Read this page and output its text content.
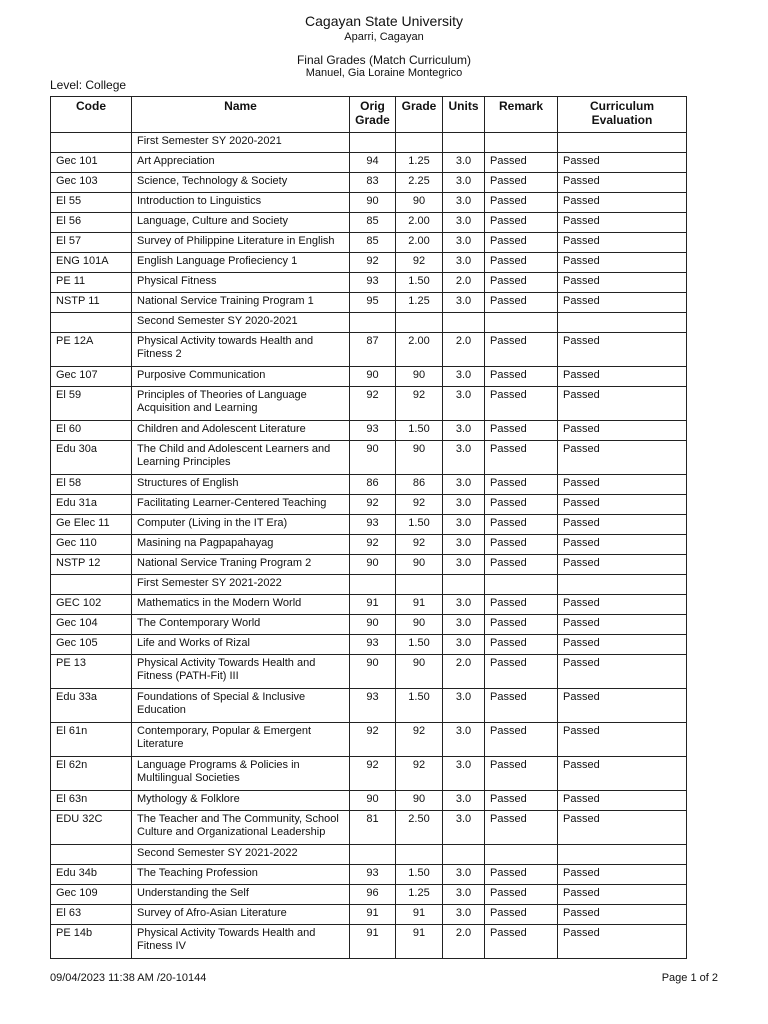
Cagayan State University
Aparri, Cagayan
Final Grades (Match Curriculum)
Manuel, Gia Loraine Montegrico
Level: College
Code	Name	Orig Grade	Grade	Units	Remark	Curriculum Evaluation
	First Semester SY 2020-2021					
Gec 101	Art Appreciation	94	1.25	3.0	Passed	Passed
Gec 103	Science, Technology & Society	83	2.25	3.0	Passed	Passed
El 55	Introduction to Linguistics	90	90	3.0	Passed	Passed
El 56	Language, Culture and Society	85	2.00	3.0	Passed	Passed
El 57	Survey of Philippine Literature in English	85	2.00	3.0	Passed	Passed
ENG 101A	English Language Profieciency 1	92	92	3.0	Passed	Passed
PE 11	Physical Fitness	93	1.50	2.0	Passed	Passed
NSTP 11	National Service Training Program 1	95	1.25	3.0	Passed	Passed
	Second Semester SY 2020-2021					
PE 12A	Physical Activity towards Health and Fitness 2	87	2.00	2.0	Passed	Passed
Gec 107	Purposive Communication	90	90	3.0	Passed	Passed
El 59	Principles of Theories of Language Acquisition and Learning	92	92	3.0	Passed	Passed
El 60	Children and Adolescent Literature	93	1.50	3.0	Passed	Passed
Edu 30a	The Child and Adolescent Learners and Learning Principles	90	90	3.0	Passed	Passed
El 58	Structures of English	86	86	3.0	Passed	Passed
Edu 31a	Facilitating Learner-Centered Teaching	92	92	3.0	Passed	Passed
Ge Elec 11	Computer (Living in the IT Era)	93	1.50	3.0	Passed	Passed
Gec 110	Masining na Pagpapahayag	92	92	3.0	Passed	Passed
NSTP 12	National Service Traning Program 2	90	90	3.0	Passed	Passed
	First Semester SY 2021-2022					
GEC 102	Mathematics in the Modern World	91	91	3.0	Passed	Passed
Gec 104	The Contemporary World	90	90	3.0	Passed	Passed
Gec 105	Life and Works of Rizal	93	1.50	3.0	Passed	Passed
PE 13	Physical Activity Towards Health and Fitness (PATH-Fit) III	90	90	2.0	Passed	Passed
Edu 33a	Foundations of Special & Inclusive Education	93	1.50	3.0	Passed	Passed
El 61n	Contemporary, Popular & Emergent Literature	92	92	3.0	Passed	Passed
El 62n	Language Programs & Policies in Multilingual Societies	92	92	3.0	Passed	Passed
El 63n	Mythology & Folklore	90	90	3.0	Passed	Passed
EDU 32C	The Teacher and The Community, School Culture and Organizational Leadership	81	2.50	3.0	Passed	Passed
	Second Semester SY 2021-2022					
Edu 34b	The Teaching Profession	93	1.50	3.0	Passed	Passed
Gec 109	Understanding the Self	96	1.25	3.0	Passed	Passed
El 63	Survey of Afro-Asian Literature	91	91	3.0	Passed	Passed
PE 14b	Physical Activity Towards Health and Fitness IV	91	91	2.0	Passed	Passed
09/04/2023 11:38 AM /20-10144	Page 1 of 2
